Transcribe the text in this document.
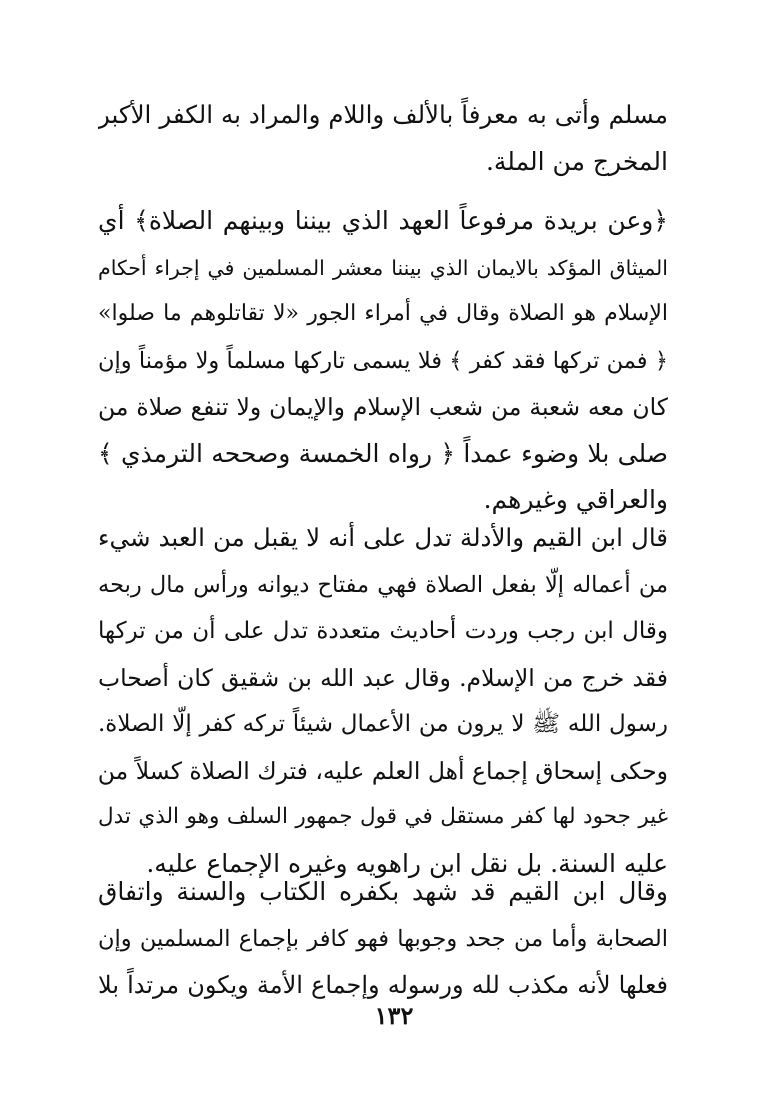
مسلم وأتى به معرفاً بالألف واللام والمراد به الكفر الأكبر
المخرج من الملة.
﴿وعن بريدة مرفوعاً العهد الذي بيننا وبينهم الصلاة﴾ أي
الميثاق المؤكد بالايمان الذي بيننا معشر المسلمين في إجراء أحكام
الإسلام هو الصلاة وقال في أمراء الجور «لا تقاتلوهم ما صلوا»
﴿ فمن تركها فقد كفر ﴾ فلا يسمى تاركها مسلماً ولا مؤمناً وإن
كان معه شعبة من شعب الإسلام والإيمان ولا تنفع صلاة من
صلى بلا وضوء عمداً ﴿ رواه الخمسة وصححه الترمذي ﴾
والعراقي وغيرهم.
قال ابن القيم والأدلة تدل على أنه لا يقبل من العبد شيء
من أعماله إلّا بفعل الصلاة فهي مفتاح ديوانه ورأس مال ربحه
وقال ابن رجب وردت أحاديث متعددة تدل على أن من تركها
فقد خرج من الإسلام. وقال عبد الله بن شقيق كان أصحاب
رسول الله ﷺ لا يرون من الأعمال شيئاً تركه كفر إلّا الصلاة.
وحكى إسحاق إجماع أهل العلم عليه، فترك الصلاة كسلاً من
غير جحود لها كفر مستقل في قول جمهور السلف وهو الذي تدل
عليه السنة. بل نقل ابن راهويه وغيره الإجماع عليه.
وقال ابن القيم قد شهد بكفره الكتاب والسنة واتفاق
الصحابة وأما من جحد وجوبها فهو كافر بإجماع المسلمين وإن
فعلها لأنه مكذب لله ورسوله وإجماع الأمة ويكون مرتداً بلا
١٣٢
